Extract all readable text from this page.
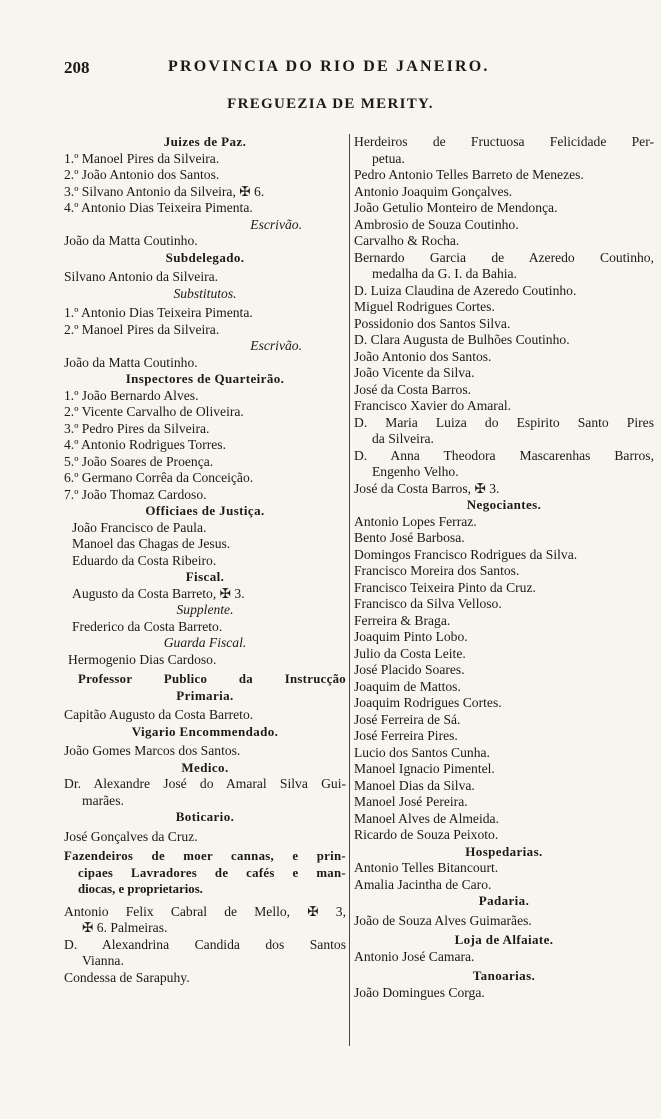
208	PROVINCIA DO RIO DE JANEIRO.
FREGUEZIA DE MERITY.
Juizes de Paz.
1.º Manoel Pires da Silveira.
2.º João Antonio dos Santos.
3.º Silvano Antonio da Silveira, ✠ 6.
4.º Antonio Dias Teixeira Pimenta.
Escrivão.
João da Matta Coutinho.
Subdelegado.
Silvano Antonio da Silveira.
Substitutos.
1.º Antonio Dias Teixeira Pimenta.
2.º Manoel Pires da Silveira.
Escrivão.
João da Matta Coutinho.
Inspectores de Quarteirão.
1.º João Bernardo Alves.
2.º Vicente Carvalho de Oliveira.
3.º Pedro Pires da Silveira.
4.º Antonio Rodrigues Torres.
5.º João Soares de Proença.
6.º Germano Corrêa da Conceição.
7.º João Thomaz Cardoso.
Officiaes de Justiça.
João Francisco de Paula.
Manoel das Chagas de Jesus.
Eduardo da Costa Ribeiro.
Fiscal.
Augusto da Costa Barreto, ✠ 3.
Supplente.
Frederico da Costa Barreto.
Guarda Fiscal.
Hermogenio Dias Cardoso.
Professor Publico da Instrucção
Primaria.
Capitão Augusto da Costa Barreto.
Vigario Encommendado.
João Gomes Marcos dos Santos.
Medico.
Dr. Alexandre José do Amaral Silva Gui-
marães.
Boticario.
José Gonçalves da Cruz.
Fazendeiros de moer cannas, e prin-
cipaes Lavradores de cafés e man-
diocas, e proprietarios.
Antonio Felix Cabral de Mello, ✠ 3,
✠ 6. Palmeiras.
D. Alexandrina Candida dos Santos
Vianna.
Condessa de Sarapuhy.
Herdeiros de Fructuosa Felicidade Per-
petua.
Pedro Antonio Telles Barreto de Menezes.
Antonio Joaquim Gonçalves.
João Getulio Monteiro de Mendonça.
Ambrosio de Souza Coutinho.
Carvalho & Rocha.
Bernardo Garcia de Azeredo Coutinho,
medalha da G. I. da Bahia.
D. Luiza Claudina de Azeredo Coutinho.
Miguel Rodrigues Cortes.
Possidonio dos Santos Silva.
D. Clara Augusta de Bulhões Coutinho.
João Antonio dos Santos.
João Vicente da Silva.
José da Costa Barros.
Francisco Xavier do Amaral.
D. Maria Luiza do Espirito Santo Pires
da Silveira.
D. Anna Theodora Mascarenhas Barros,
Engenho Velho.
José da Costa Barros, ✠ 3.
Negociantes.
Antonio Lopes Ferraz.
Bento José Barbosa.
Domingos Francisco Rodrigues da Silva.
Francisco Moreira dos Santos.
Francisco Teixeira Pinto da Cruz.
Francisco da Silva Velloso.
Ferreira & Braga.
Joaquim Pinto Lobo.
Julio da Costa Leite.
José Placido Soares.
Joaquim de Mattos.
Joaquim Rodrigues Cortes.
José Ferreira de Sá.
José Ferreira Pires.
Lucio dos Santos Cunha.
Manoel Ignacio Pimentel.
Manoel Dias da Silva.
Manoel José Pereira.
Manoel Alves de Almeida.
Ricardo de Souza Peixoto.
Hospedarias.
Antonio Telles Bitancourt.
Amalia Jacintha de Caro.
Padaria.
João de Souza Alves Guimarães.
Loja de Alfaiate.
Antonio José Camara.
Tanoarias.
João Domingues Corga.
